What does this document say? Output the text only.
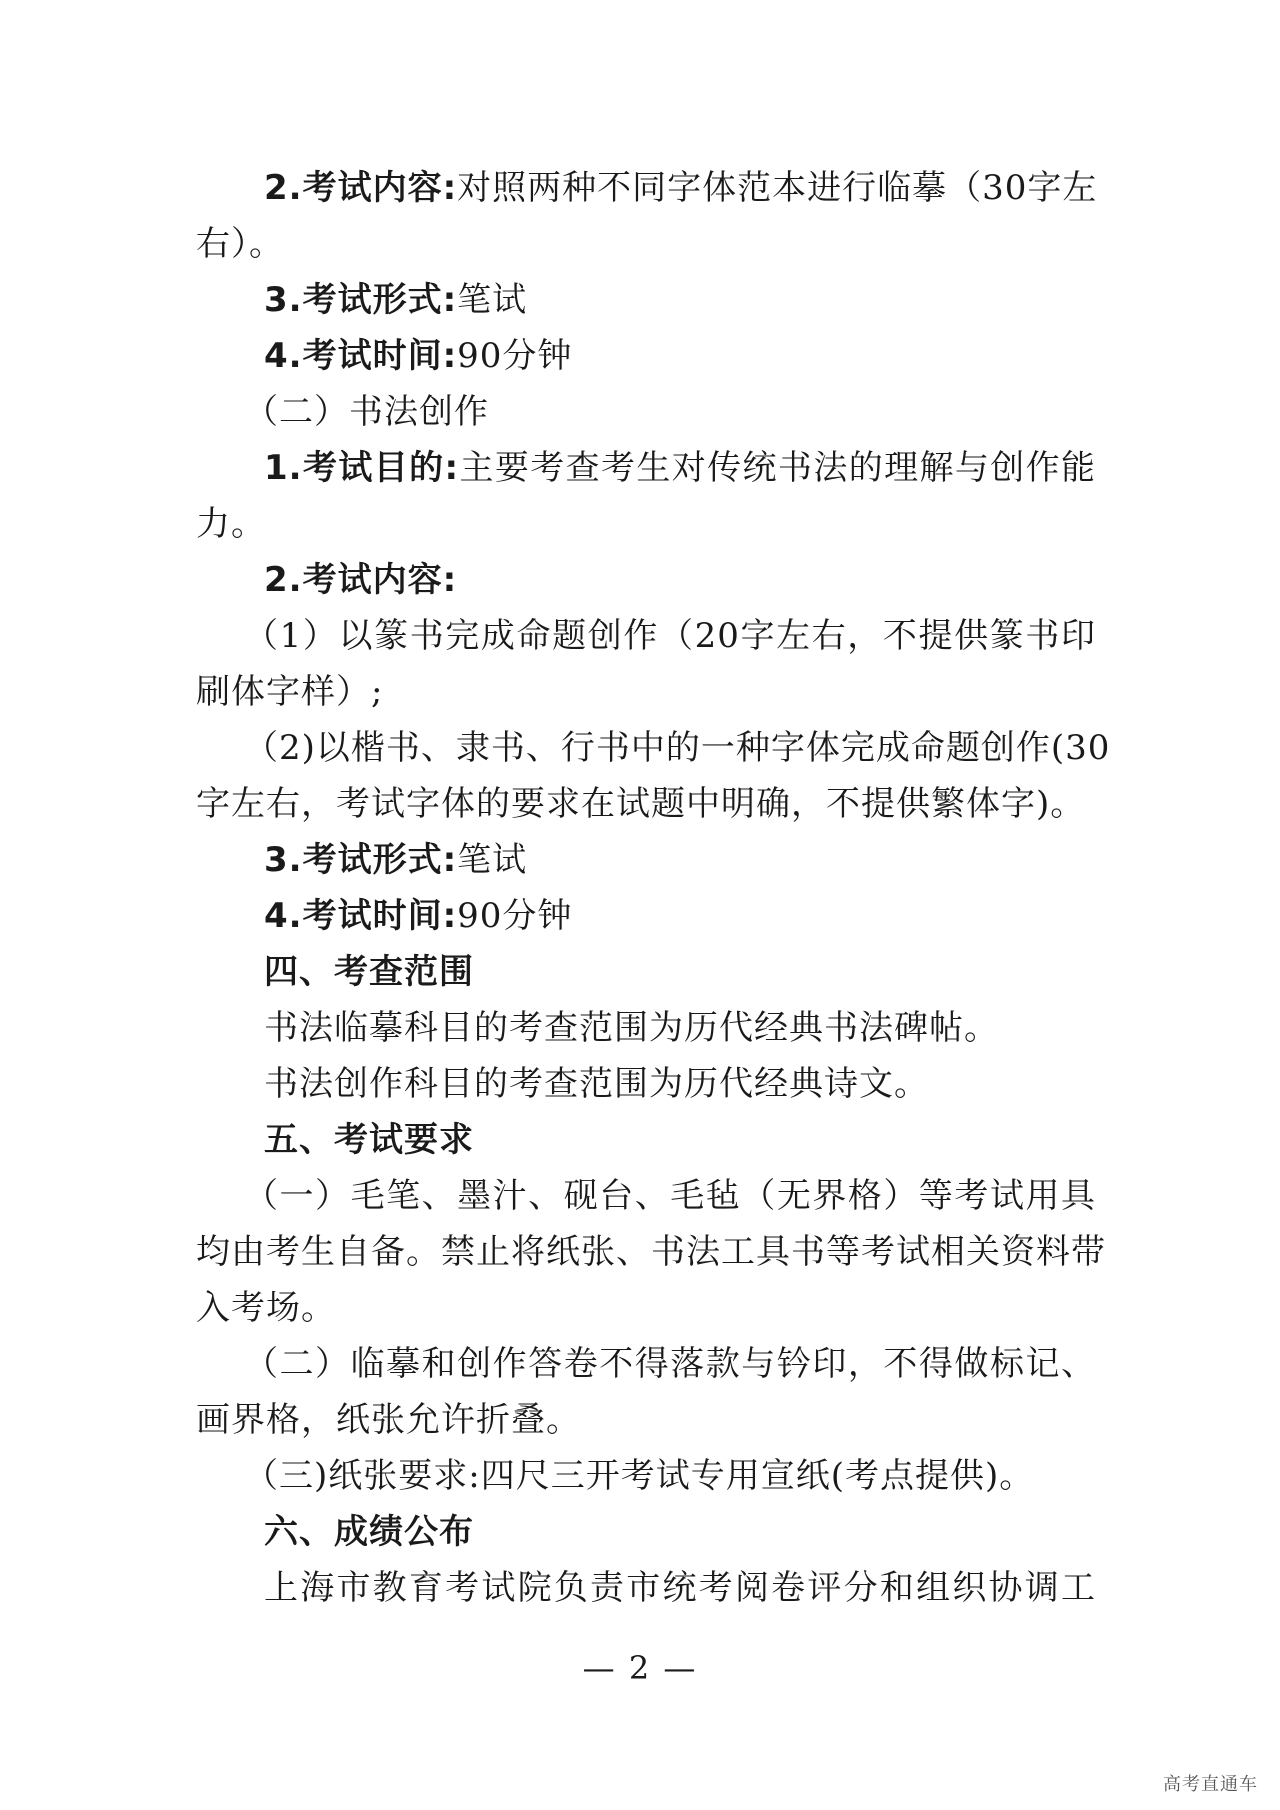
2.考试内容:对照两种不同字体范本进行临摹（30字左
右）。
3.考试形式:笔试
4.考试时间:90分钟
（二）书法创作
1.考试目的:主要考查考生对传统书法的理解与创作能
力。
2.考试内容:
（1）以篆书完成命题创作（20字左右，不提供篆书印
刷体字样）;
（2)以楷书、隶书、行书中的一种字体完成命题创作(30
字左右，考试字体的要求在试题中明确，不提供繁体字)。
3.考试形式:笔试
4.考试时间:90分钟
四、考查范围
书法临摹科目的考查范围为历代经典书法碑帖。
书法创作科目的考查范围为历代经典诗文。
五、考试要求
（一）毛笔、墨汁、砚台、毛毡（无界格）等考试用具
均由考生自备。禁止将纸张、书法工具书等考试相关资料带
入考场。
（二）临摹和创作答卷不得落款与钤印，不得做标记、
画界格，纸张允许折叠。
（三)纸张要求:四尺三开考试专用宣纸(考点提供)。
六、成绩公布
上海市教育考试院负责市统考阅卷评分和组织协调工
— 2 —
高考直通车
